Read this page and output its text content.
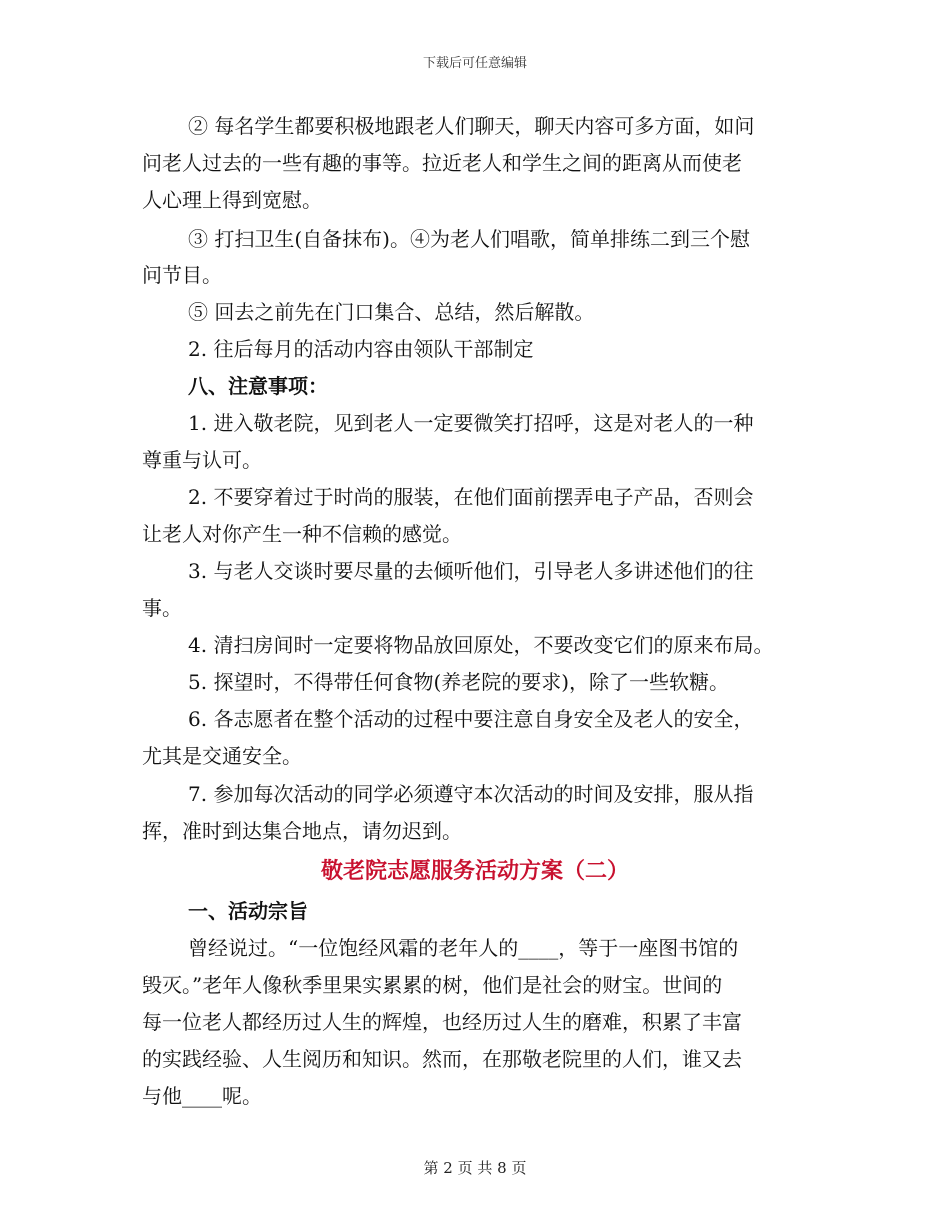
下载后可任意编辑
② 每名学生都要积极地跟老人们聊天，聊天内容可多方面，如问
问老人过去的一些有趣的事等。拉近老人和学生之间的距离从而使老
人心理上得到宽慰。
③ 打扫卫生(自备抹布)。④为老人们唱歌，简单排练二到三个慰
问节目。
⑤ 回去之前先在门口集合、总结，然后解散。
2. 往后每月的活动内容由领队干部制定
八、注意事项：
1. 进入敬老院，见到老人一定要微笑打招呼，这是对老人的一种
尊重与认可。
2. 不要穿着过于时尚的服装，在他们面前摆弄电子产品，否则会
让老人对你产生一种不信赖的感觉。
3. 与老人交谈时要尽量的去倾听他们，引导老人多讲述他们的往
事。
4. 清扫房间时一定要将物品放回原处，不要改变它们的原来布局。
5. 探望时，不得带任何食物(养老院的要求)，除了一些软糖。
6. 各志愿者在整个活动的过程中要注意自身安全及老人的安全，
尤其是交通安全。
7. 参加每次活动的同学必须遵守本次活动的时间及安排，服从指
挥，准时到达集合地点，请勿迟到。
敬老院志愿服务活动方案（二）
一、活动宗旨
曾经说过。“一位饱经风霜的老年人的____，等于一座图书馆的
毁灭。”老年人像秋季里果实累累的树，他们是社会的财宝。世间的
每一位老人都经历过人生的辉煌，也经历过人生的磨难，积累了丰富
的实践经验、人生阅历和知识。然而，在那敬老院里的人们，谁又去
与他____呢。
第 2 页 共 8 页
